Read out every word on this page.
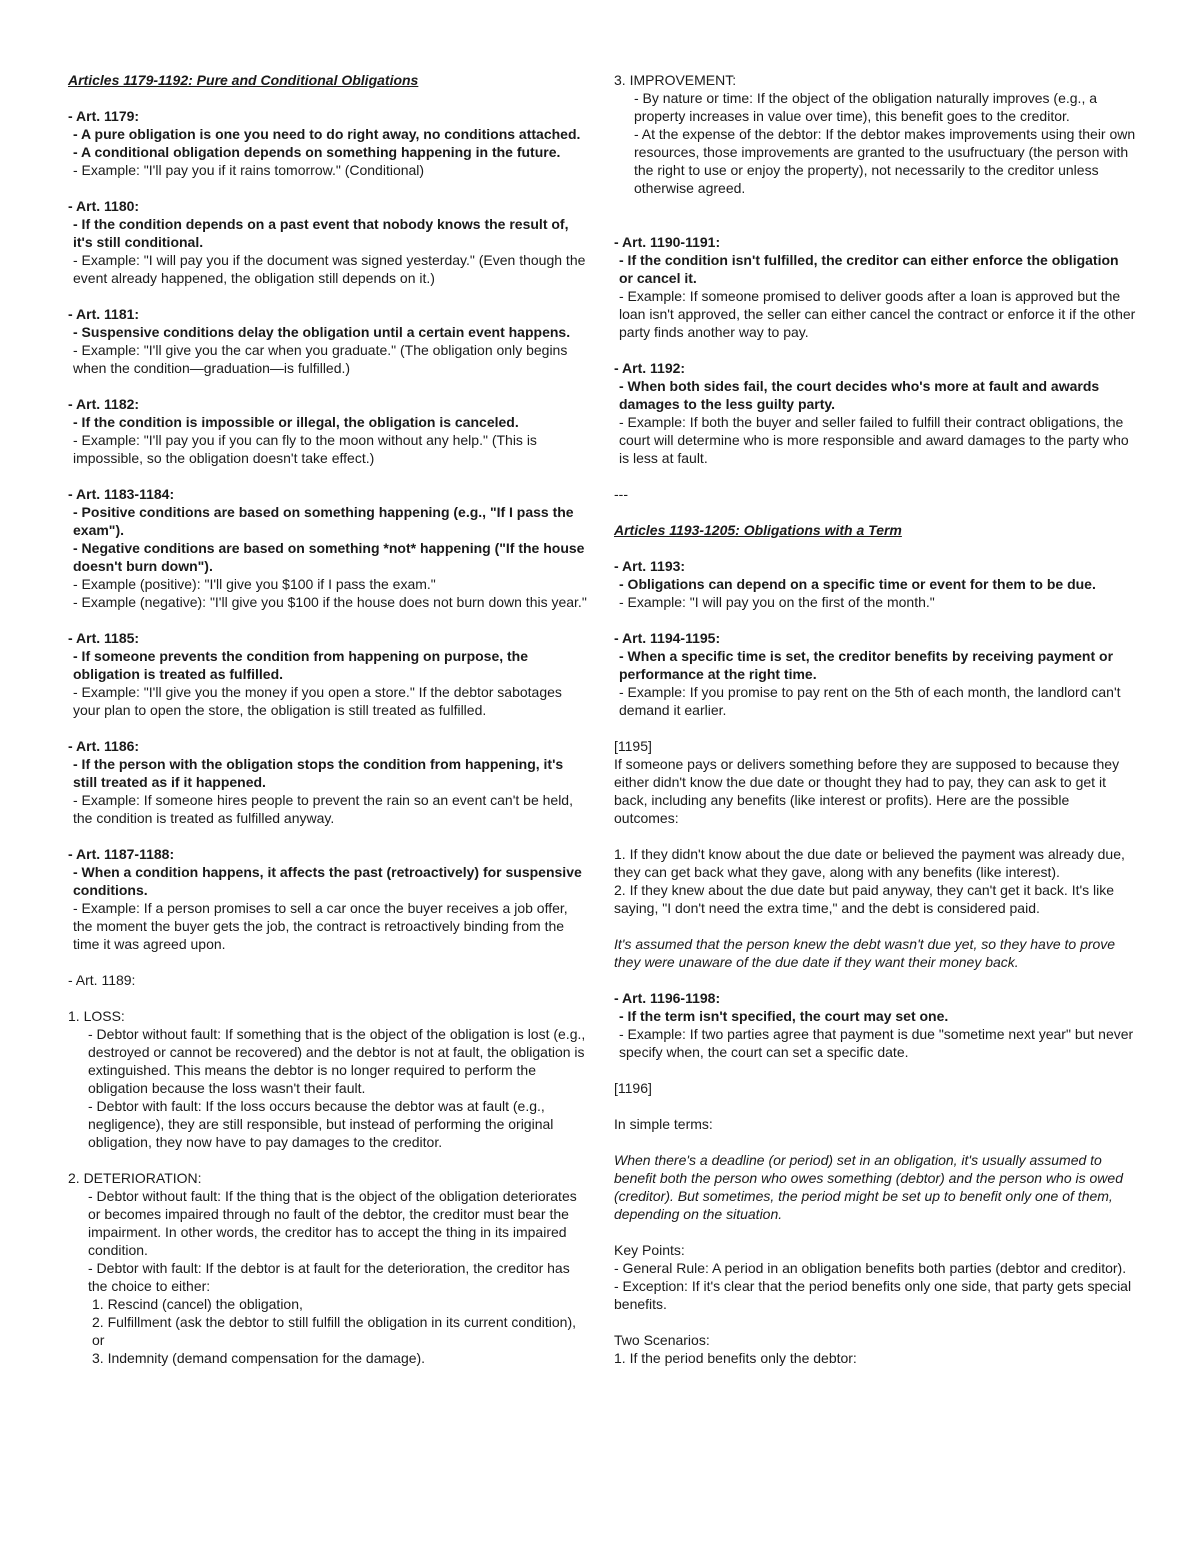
Articles 1179-1192: Pure and Conditional Obligations
- Art. 1179:
- A pure obligation is one you need to do right away, no conditions attached.
- A conditional obligation depends on something happening in the future.
- Example: "I'll pay you if it rains tomorrow." (Conditional)
- Art. 1180:
- If the condition depends on a past event that nobody knows the result of, it's still conditional.
- Example: "I will pay you if the document was signed yesterday." (Even though the event already happened, the obligation still depends on it.)
- Art. 1181:
- Suspensive conditions delay the obligation until a certain event happens.
- Example: "I'll give you the car when you graduate." (The obligation only begins when the condition—graduation—is fulfilled.)
- Art. 1182:
- If the condition is impossible or illegal, the obligation is canceled.
- Example: "I'll pay you if you can fly to the moon without any help." (This is impossible, so the obligation doesn't take effect.)
- Art. 1183-1184:
- Positive conditions are based on something happening (e.g., "If I pass the exam").
- Negative conditions are based on something *not* happening ("If the house doesn't burn down").
- Example (positive): "I'll give you $100 if I pass the exam."
- Example (negative): "I'll give you $100 if the house does not burn down this year."
- Art. 1185:
- If someone prevents the condition from happening on purpose, the obligation is treated as fulfilled.
- Example: "I'll give you the money if you open a store." If the debtor sabotages your plan to open the store, the obligation is still treated as fulfilled.
- Art. 1186:
- If the person with the obligation stops the condition from happening, it's still treated as if it happened.
- Example: If someone hires people to prevent the rain so an event can't be held, the condition is treated as fulfilled anyway.
- Art. 1187-1188:
- When a condition happens, it affects the past (retroactively) for suspensive conditions.
- Example: If a person promises to sell a car once the buyer receives a job offer, the moment the buyer gets the job, the contract is retroactively binding from the time it was agreed upon.
- Art. 1189:
1. LOSS:
- Debtor without fault: If something that is the object of the obligation is lost (e.g., destroyed or cannot be recovered) and the debtor is not at fault, the obligation is extinguished. This means the debtor is no longer required to perform the obligation because the loss wasn't their fault.
- Debtor with fault: If the loss occurs because the debtor was at fault (e.g., negligence), they are still responsible, but instead of performing the original obligation, they now have to pay damages to the creditor.
2. DETERIORATION:
- Debtor without fault: If the thing that is the object of the obligation deteriorates or becomes impaired through no fault of the debtor, the creditor must bear the impairment. In other words, the creditor has to accept the thing in its impaired condition.
- Debtor with fault: If the debtor is at fault for the deterioration, the creditor has the choice to either:
1. Rescind (cancel) the obligation,
2. Fulfillment (ask the debtor to still fulfill the obligation in its current condition), or
3. Indemnity (demand compensation for the damage).
3. IMPROVEMENT:
- By nature or time: If the object of the obligation naturally improves (e.g., a property increases in value over time), this benefit goes to the creditor.
- At the expense of the debtor: If the debtor makes improvements using their own resources, those improvements are granted to the usufructuary (the person with the right to use or enjoy the property), not necessarily to the creditor unless otherwise agreed.
- Art. 1190-1191:
- If the condition isn't fulfilled, the creditor can either enforce the obligation or cancel it.
- Example: If someone promised to deliver goods after a loan is approved but the loan isn't approved, the seller can either cancel the contract or enforce it if the other party finds another way to pay.
- Art. 1192:
- When both sides fail, the court decides who's more at fault and awards damages to the less guilty party.
- Example: If both the buyer and seller failed to fulfill their contract obligations, the court will determine who is more responsible and award damages to the party who is less at fault.
---
Articles 1193-1205: Obligations with a Term
- Art. 1193:
- Obligations can depend on a specific time or event for them to be due.
- Example: "I will pay you on the first of the month."
- Art. 1194-1195:
- When a specific time is set, the creditor benefits by receiving payment or performance at the right time.
- Example: If you promise to pay rent on the 5th of each month, the landlord can't demand it earlier.
[1195]
If someone pays or delivers something before they are supposed to because they either didn't know the due date or thought they had to pay, they can ask to get it back, including any benefits (like interest or profits). Here are the possible outcomes:
1. If they didn't know about the due date or believed the payment was already due, they can get back what they gave, along with any benefits (like interest).
2. If they knew about the due date but paid anyway, they can't get it back. It's like saying, "I don't need the extra time," and the debt is considered paid.
It's assumed that the person knew the debt wasn't due yet, so they have to prove they were unaware of the due date if they want their money back.
- Art. 1196-1198:
- If the term isn't specified, the court may set one.
- Example: If two parties agree that payment is due "sometime next year" but never specify when, the court can set a specific date.
[1196]
In simple terms:
When there's a deadline (or period) set in an obligation, it's usually assumed to benefit both the person who owes something (debtor) and the person who is owed (creditor). But sometimes, the period might be set up to benefit only one of them, depending on the situation.
Key Points:
- General Rule: A period in an obligation benefits both parties (debtor and creditor).
- Exception: If it's clear that the period benefits only one side, that party gets special benefits.
Two Scenarios:
1. If the period benefits only the debtor:
